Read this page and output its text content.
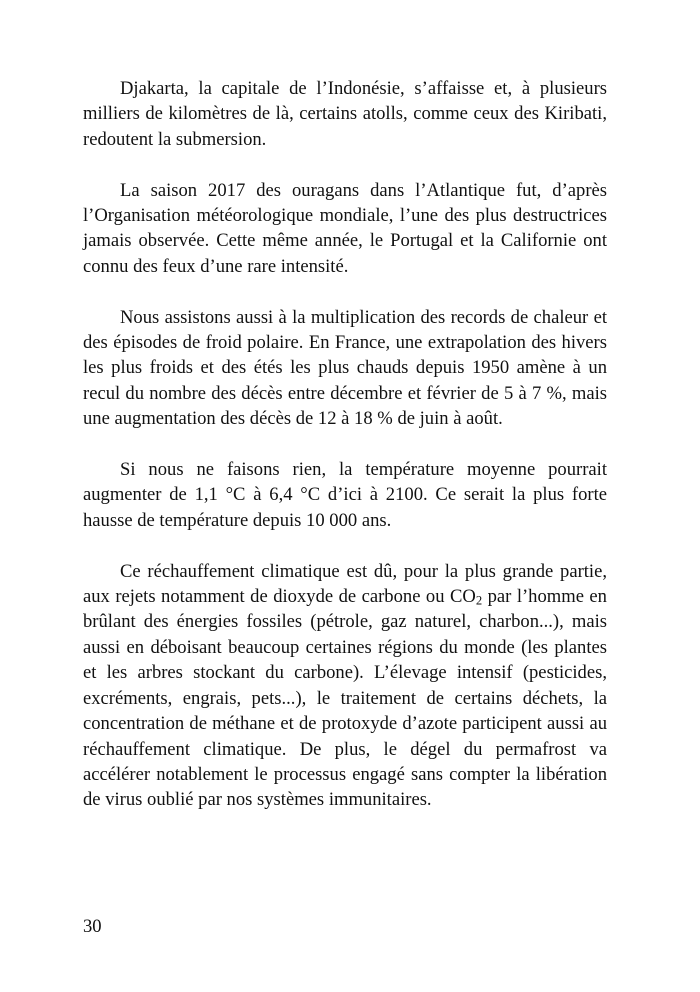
Djakarta, la capitale de l’Indonésie, s’affaisse et, à plusieurs milliers de kilomètres de là, certains atolls, comme ceux des Kiribati, redoutent la submersion.

La saison 2017 des ouragans dans l’Atlantique fut, d’après l’Organisation météorologique mondiale, l’une des plus destructrices jamais observée. Cette même année, le Portugal et la Californie ont connu des feux d’une rare intensité.

Nous assistons aussi à la multiplication des records de chaleur et des épisodes de froid polaire. En France, une extrapolation des hivers les plus froids et des étés les plus chauds depuis 1950 amène à un recul du nombre des décès entre décembre et février de 5 à 7 %, mais une augmentation des décès de 12 à 18 % de juin à août.

Si nous ne faisons rien, la température moyenne pourrait augmenter de 1,1 °C à 6,4 °C d’ici à 2100. Ce serait la plus forte hausse de température depuis 10 000 ans.

Ce réchauffement climatique est dû, pour la plus grande partie, aux rejets notamment de dioxyde de carbone ou CO2 par l’homme en brûlant des énergies fossiles (pétrole, gaz naturel, charbon...), mais aussi en déboisant beaucoup certaines régions du monde (les plantes et les arbres stockant du carbone). L’élevage intensif (pesticides, excréments, engrais, pets...), le traitement de certains déchets, la concentration de méthane et de protoxyde d’azote participent aussi au réchauffement climatique. De plus, le dégel du permafrost va accélérer notablement le processus engagé sans compter la libération de virus oublié par nos systèmes immunitaires.

30
